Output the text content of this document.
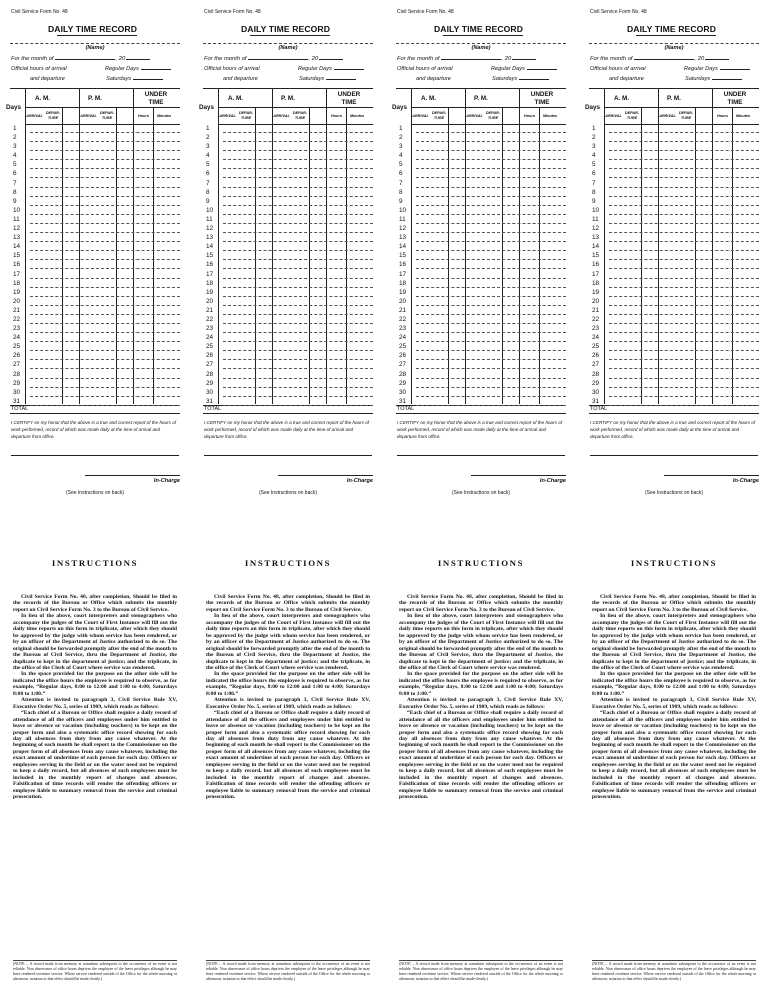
Civil Service Form No. 48
DAILY TIME RECORD
(Name)
For the month of	, 20
Official hours of arrival	Regular Days
and departure	Saturdays
Days
A. M.	P. M.
UNDER
TIME
ARRIVAL
DEPAR-
TURE	ARRIVAL
DEPAR-
TURE	Hours	Minutes
1
2
3
4
5
6
7
8
9
10
11
12
13
14
15
16
17
18
19
20
21
22
23
24
25
26
27
28
29
30
31
TOTAL
I CERTIFY on my honor that the above is a true and correct report of the hours of work performed, record of which was made daily at the time of arrival and departure from office.
In-Charge
(See Instructions on back)
INSTRUCTIONS

Civil Service Form No. 48, after completion, Should be filed in the records of the Bureau or Office which submits the monthly report on Civil Service Form No. 3 to the Bureau of Civil Service.

In lieu of the above, court interpreters and stenographers who accompany the judges of the Court of First Instance will fill out the daily time reports on this form in triplicate, after which they should be approved by the judge with whom service has been rendered, or by an officer of the Department of Justice authorized to do so. The original should be forwarded promptly after the end of the month to the Bureau of Civil Service, thru the Department of Justice, the duplicate to kept in the department of justice; and the triplicate, in the office of the Clerk of Court where service was rendered.

In the space provided for the purpose on the other side will be indicated the office hours the employee is required to observe, as for example, “Regular days, 8:00 to 12:00 and 1:00 to 4:00; Saturdays 8:00 to 1:00.”

Attention is invited to paragraph 3, Civil Service Rule XV, Executive Order No. 5, series of 1909, which reads as follows:

“Each chief of a Bureau or Office shall require a daily record of attendance of all the officers and employees under him entitled to leave or absence or vacation (including teachers) to be kept on the proper form and also a systematic office record showing for each day all absences from duty from any cause whatever. At the beginning of each month he shall report to the Commissioner on the proper form of all absences from any cause whatever, including the exact amount of undertime of each person for each day. Officers or employees serving in the field or on the water need not be required to keep a daily record, but all absences of such employees must be included in the monthly report of changes and absences. Falsification of time records will render the offending officers or employee liable to summary removal from the service and criminal prosecution.

(NOTE – A record made from memory at sometime subsequent to the occurrence of an event is not reliable. Non observance of office hours deprives the employee of the leave privileges although he may have rendered overtime service. Where service rendered outside of the Office for the whole morning or afternoon, notation to that effect should be made clearly.)
Civil Service Form No. 48
DAILY TIME RECORD
(Name)
For the month of	, 20
Official hours of arrival	Regular Days
and departure	Saturdays
Days
A. M.	P. M.
UNDER
TIME
ARRIVAL
DEPAR-
TURE	ARRIVAL
DEPAR-
TURE	Hours	Minutes
1
2
3
4
5
6
7
8
9
10
11
12
13
14
15
16
17
18
19
20
21
22
23
24
25
26
27
28
29
30
31
TOTAL
I CERTIFY on my honor that the above is a true and correct report of the hours of work performed, record of which was made daily at the time of arrival and departure from office.
In-Charge
(See Instructions on back)
INSTRUCTIONS

Civil Service Form No. 48, after completion, Should be filed in the records of the Bureau or Office which submits the monthly report on Civil Service Form No. 3 to the Bureau of Civil Service.

In lieu of the above, court interpreters and stenographers who accompany the judges of the Court of First Instance will fill out the daily time reports on this form in triplicate, after which they should be approved by the judge with whom service has been rendered, or by an officer of the Department of Justice authorized to do so. The original should be forwarded promptly after the end of the month to the Bureau of Civil Service, thru the Department of Justice, the duplicate to kept in the department of justice; and the triplicate, in the office of the Clerk of Court where service was rendered.

In the space provided for the purpose on the other side will be indicated the office hours the employee is required to observe, as for example, “Regular days, 8:00 to 12:00 and 1:00 to 4:00; Saturdays 8:00 to 1:00.”

Attention is invited to paragraph 3, Civil Service Rule XV, Executive Order No. 5, series of 1909, which reads as follows:

“Each chief of a Bureau or Office shall require a daily record of attendance of all the officers and employees under him entitled to leave or absence or vacation (including teachers) to be kept on the proper form and also a systematic office record showing for each day all absences from duty from any cause whatever. At the beginning of each month he shall report to the Commissioner on the proper form of all absences from any cause whatever, including the exact amount of undertime of each person for each day. Officers or employees serving in the field or on the water need not be required to keep a daily record, but all absences of such employees must be included in the monthly report of changes and absences. Falsification of time records will render the offending officers or employee liable to summary removal from the service and criminal prosecution.

(NOTE – A record made from memory at sometime subsequent to the occurrence of an event is not reliable. Non observance of office hours deprives the employee of the leave privileges although he may have rendered overtime service. Where service rendered outside of the Office for the whole morning or afternoon, notation to that effect should be made clearly.)
Civil Service Form No. 48
DAILY TIME RECORD
(Name)
For the month of	, 20
Official hours of arrival	Regular Days
and departure	Saturdays
Days
A. M.	P. M.
UNDER
TIME
ARRIVAL
DEPAR-
TURE	ARRIVAL
DEPAR-
TURE	Hours	Minutes
1
2
3
4
5
6
7
8
9
10
11
12
13
14
15
16
17
18
19
20
21
22
23
24
25
26
27
28
29
30
31
TOTAL
I CERTIFY on my honor that the above is a true and correct report of the hours of work performed, record of which was made daily at the time of arrival and departure from office.
In-Charge
(See Instructions on back)
INSTRUCTIONS

Civil Service Form No. 48, after completion, Should be filed in the records of the Bureau or Office which submits the monthly report on Civil Service Form No. 3 to the Bureau of Civil Service.

In lieu of the above, court interpreters and stenographers who accompany the judges of the Court of First Instance will fill out the daily time reports on this form in triplicate, after which they should be approved by the judge with whom service has been rendered, or by an officer of the Department of Justice authorized to do so. The original should be forwarded promptly after the end of the month to the Bureau of Civil Service, thru the Department of Justice, the duplicate to kept in the department of justice; and the triplicate, in the office of the Clerk of Court where service was rendered.

In the space provided for the purpose on the other side will be indicated the office hours the employee is required to observe, as for example, “Regular days, 8:00 to 12:00 and 1:00 to 4:00; Saturdays 8:00 to 1:00.”

Attention is invited to paragraph 3, Civil Service Rule XV, Executive Order No. 5, series of 1909, which reads as follows:

“Each chief of a Bureau or Office shall require a daily record of attendance of all the officers and employees under him entitled to leave or absence or vacation (including teachers) to be kept on the proper form and also a systematic office record showing for each day all absences from duty from any cause whatever. At the beginning of each month he shall report to the Commissioner on the proper form of all absences from any cause whatever, including the exact amount of undertime of each person for each day. Officers or employees serving in the field or on the water need not be required to keep a daily record, but all absences of such employees must be included in the monthly report of changes and absences. Falsification of time records will render the offending officers or employee liable to summary removal from the service and criminal prosecution.

(NOTE – A record made from memory at sometime subsequent to the occurrence of an event is not reliable. Non observance of office hours deprives the employee of the leave privileges although he may have rendered overtime service. Where service rendered outside of the Office for the whole morning or afternoon, notation to that effect should be made clearly.)
Civil Service Form No. 48
DAILY TIME RECORD
(Name)
For the month of	, 20
Official hours of arrival	Regular Days
and departure	Saturdays
Days
A. M.	P. M.
UNDER
TIME
ARRIVAL
DEPAR-
TURE	ARRIVAL
DEPAR-
TURE	Hours	Minutes
1
2
3
4
5
6
7
8
9
10
11
12
13
14
15
16
17
18
19
20
21
22
23
24
25
26
27
28
29
30
31
TOTAL
I CERTIFY on my honor that the above is a true and correct report of the hours of work performed, record of which was made daily at the time of arrival and departure from office.
In-Charge
(See Instructions on back)
INSTRUCTIONS

Civil Service Form No. 48, after completion, Should be filed in the records of the Bureau or Office which submits the monthly report on Civil Service Form No. 3 to the Bureau of Civil Service.

In lieu of the above, court interpreters and stenographers who accompany the judges of the Court of First Instance will fill out the daily time reports on this form in triplicate, after which they should be approved by the judge with whom service has been rendered, or by an officer of the Department of Justice authorized to do so. The original should be forwarded promptly after the end of the month to the Bureau of Civil Service, thru the Department of Justice, the duplicate to kept in the department of justice; and the triplicate, in the office of the Clerk of Court where service was rendered.

In the space provided for the purpose on the other side will be indicated the office hours the employee is required to observe, as for example, “Regular days, 8:00 to 12:00 and 1:00 to 4:00; Saturdays 8:00 to 1:00.”

Attention is invited to paragraph 3, Civil Service Rule XV, Executive Order No. 5, series of 1909, which reads as follows:

“Each chief of a Bureau or Office shall require a daily record of attendance of all the officers and employees under him entitled to leave or absence or vacation (including teachers) to be kept on the proper form and also a systematic office record showing for each day all absences from duty from any cause whatever. At the beginning of each month he shall report to the Commissioner on the proper form of all absences from any cause whatever, including the exact amount of undertime of each person for each day. Officers or employees serving in the field or on the water need not be required to keep a daily record, but all absences of such employees must be included in the monthly report of changes and absences. Falsification of time records will render the offending officers or employee liable to summary removal from the service and criminal prosecution.

(NOTE – A record made from memory at sometime subsequent to the occurrence of an event is not reliable. Non observance of office hours deprives the employee of the leave privileges although he may have rendered overtime service. Where service rendered outside of the Office for the whole morning or afternoon, notation to that effect should be made clearly.)
